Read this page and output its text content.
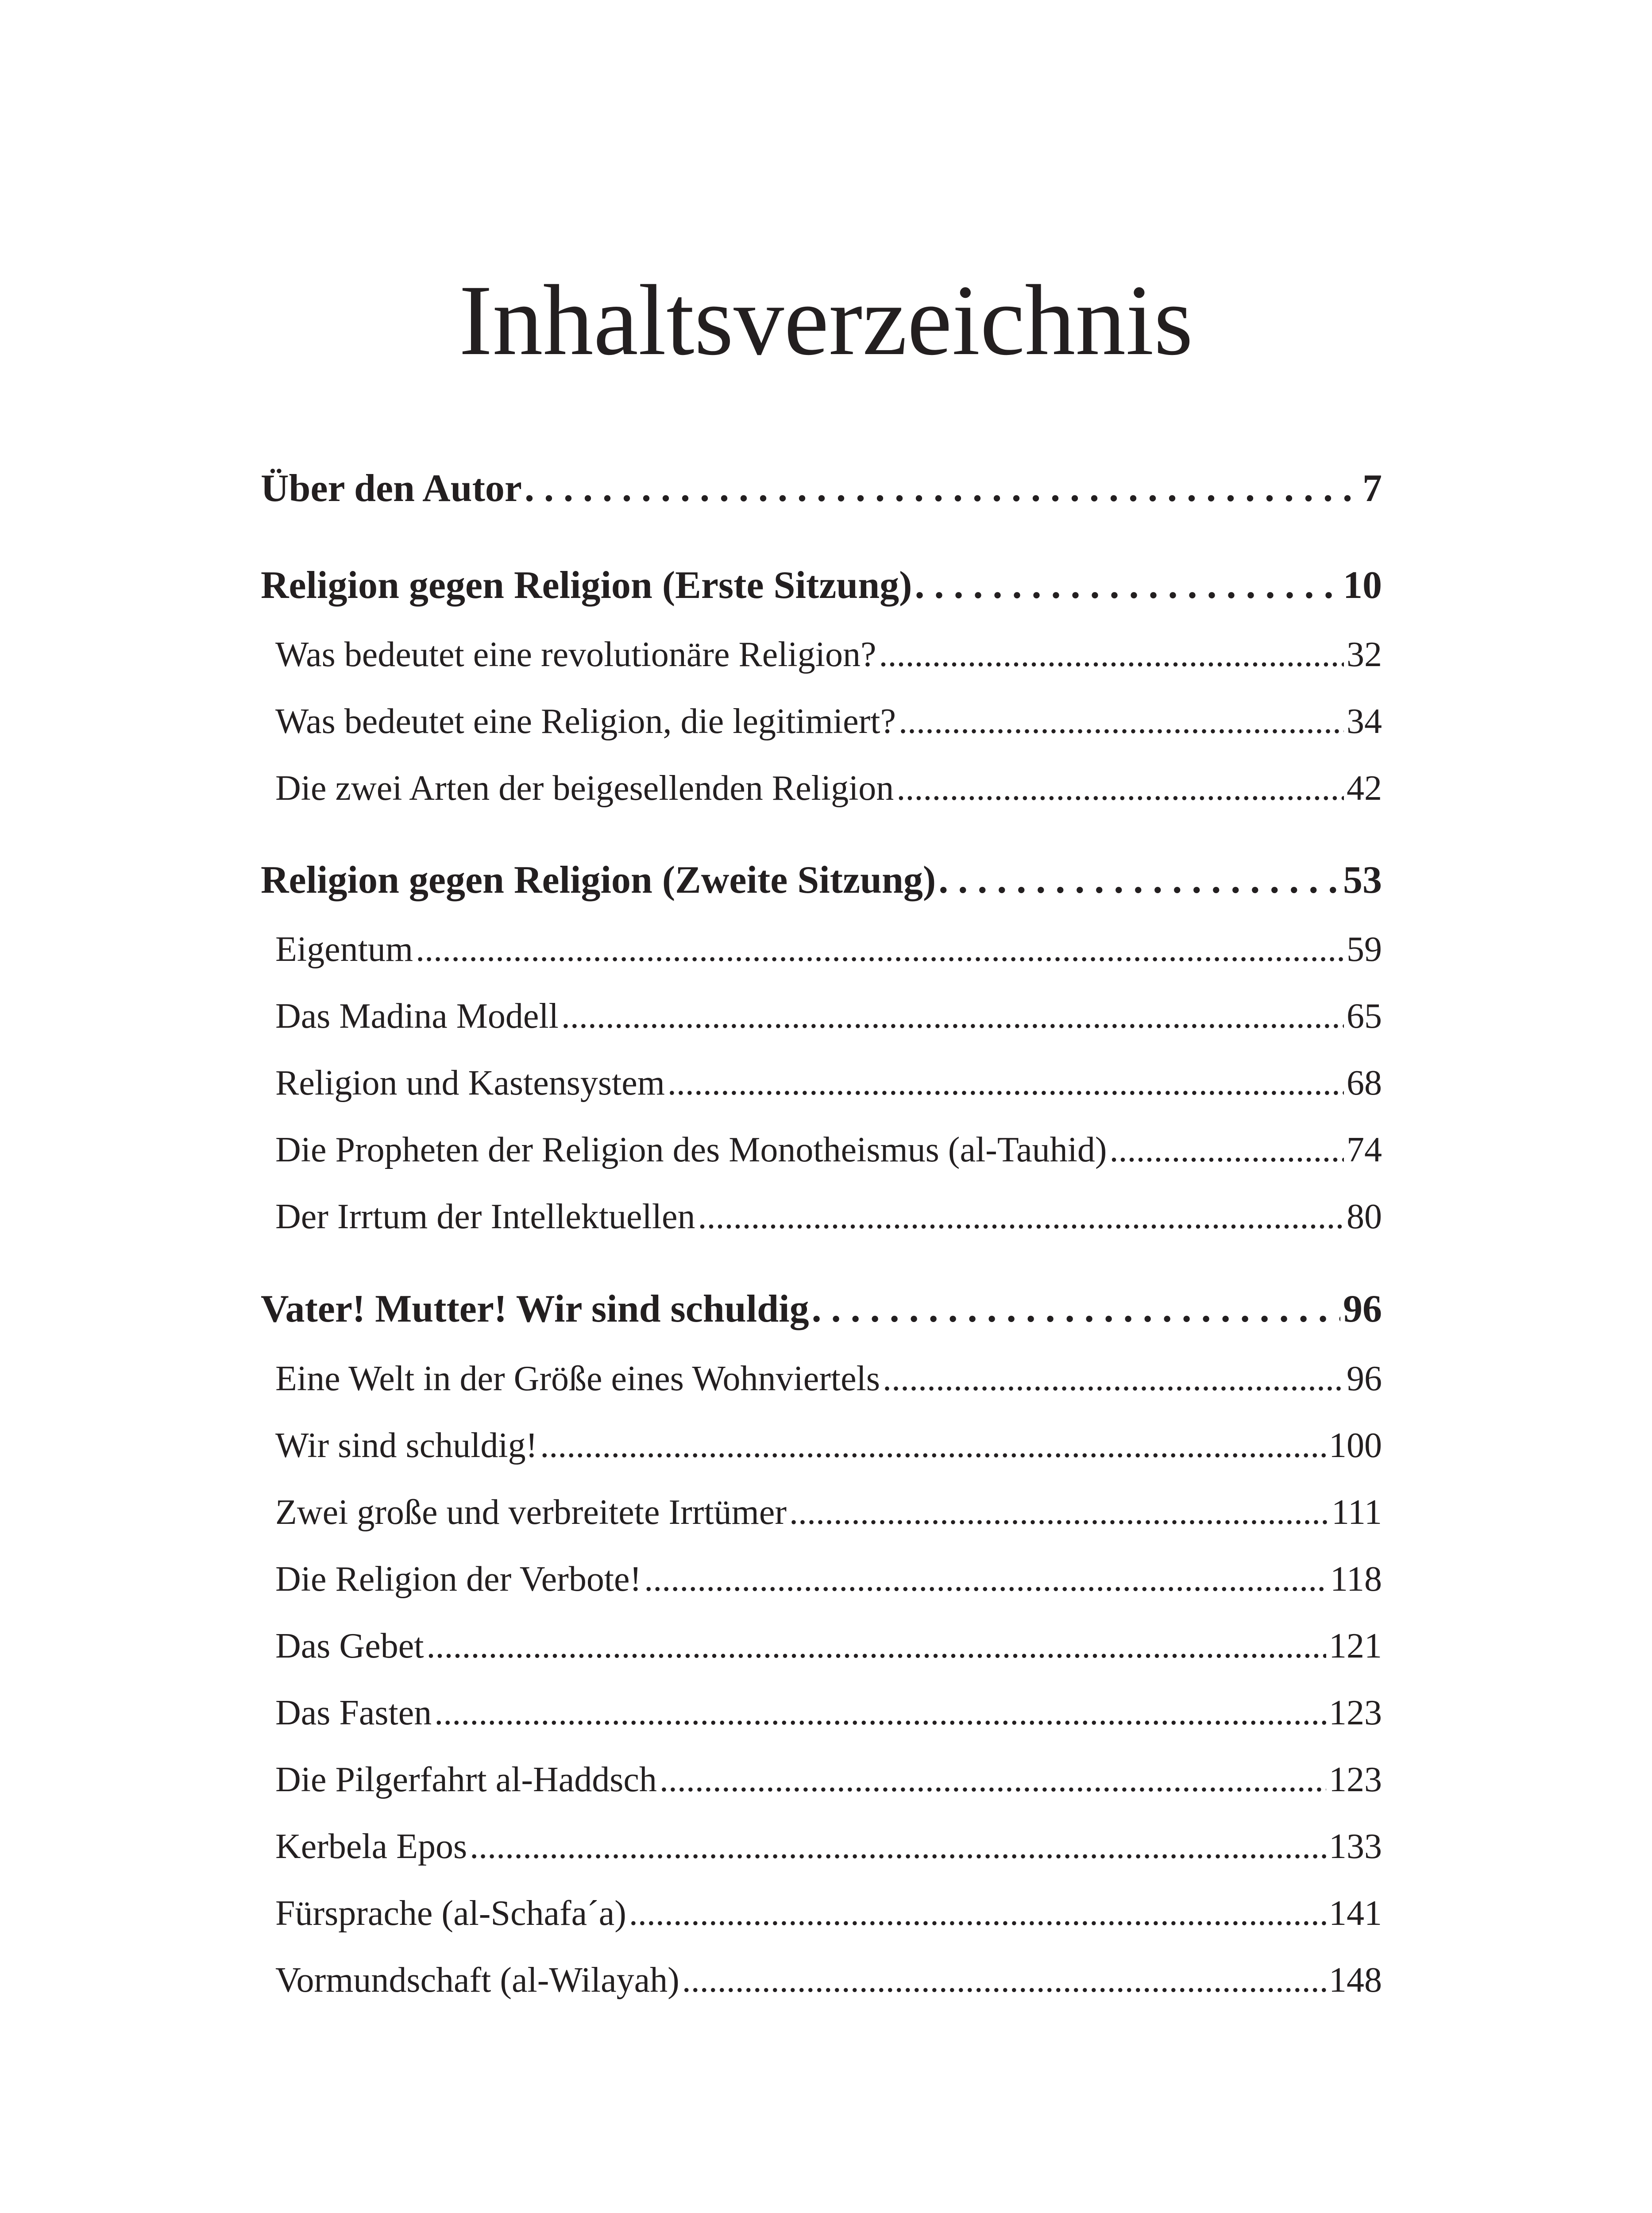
Inhaltsverzeichnis
Über den Autor .....	7
Religion gegen Religion (Erste Sitzung) .....	10
Was bedeutet eine revolutionäre Religion? .....	32
Was bedeutet eine Religion, die legitimiert? .....	34
Die zwei Arten der beigesellenden Religion .....	42
Religion gegen Religion (Zweite Sitzung) .....	53
Eigentum .....	59
Das Madina Modell .....	65
Religion und Kastensystem .....	68
Die Propheten der Religion des Monotheismus (al-Tauhid) .....	74
Der Irrtum der Intellektuellen .....	80
Vater! Mutter! Wir sind schuldig .....	96
Eine Welt in der Größe eines Wohnviertels .....	96
Wir sind schuldig! .....	100
Zwei große und verbreitete Irrtümer .....	111
Die Religion der Verbote! .....	118
Das Gebet .....	121
Das Fasten .....	123
Die Pilgerfahrt al-Haddsch .....	123
Kerbela Epos .....	133
Fürsprache (al-Schafa´a) .....	141
Vormundschaft (al-Wilayah) .....	148
